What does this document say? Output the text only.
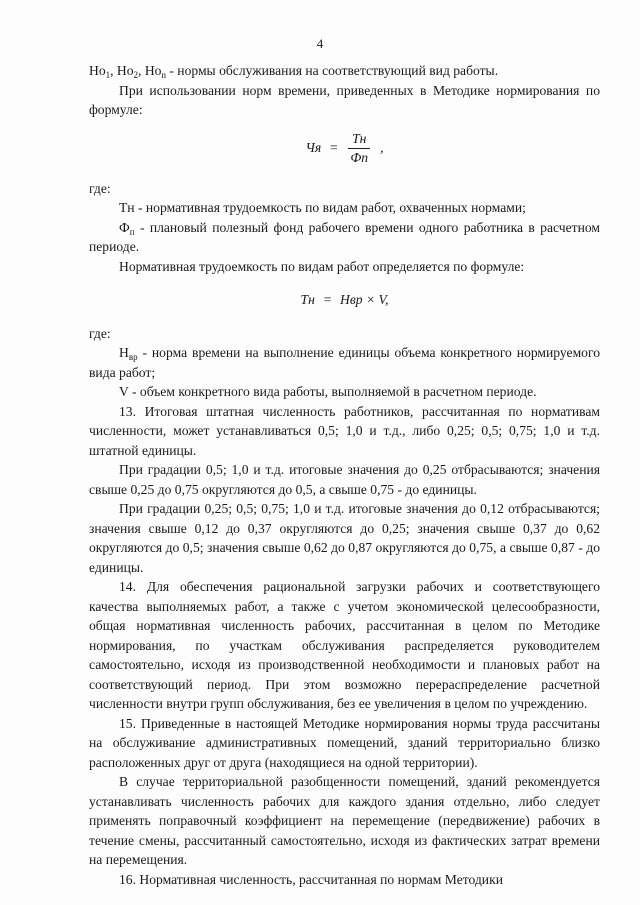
4

$Но_1$, $Но_2$, $Но_n$ - нормы обслуживания на соответствующий вид работы.

При использовании норм времени, приведенных в Методике нормирования по формуле:

Чя = $\frac{Тн}{Фп}$ ,

где:

Тн - нормативная трудоемкость по видам работ, охваченных нормами;

$Ф_п$ - плановый полезный фонд рабочего времени одного работника в расчетном периоде.

Нормативная трудоемкость по видам работ определяется по формуле:

Тн = Нвр × V,

где:

$Н_{вр}$ - норма времени на выполнение единицы объема конкретного нормируемого вида работ;

V - объем конкретного вида работы, выполняемой в расчетном периоде.

13. Итоговая штатная численность работников, рассчитанная по нормативам численности, может устанавливаться 0,5; 1,0 и т.д., либо 0,25; 0,5; 0,75; 1,0 и т.д. штатной единицы.

При градации 0,5; 1,0 и т.д. итоговые значения до 0,25 отбрасываются; значения свыше 0,25 до 0,75 округляются до 0,5, а свыше 0,75 - до единицы.

При градации 0,25; 0,5; 0,75; 1,0 и т.д. итоговые значения до 0,12 отбрасываются; значения свыше 0,12 до 0,37 округляются до 0,25; значения свыше 0,37 до 0,62 округляются до 0,5; значения свыше 0,62 до 0,87 округляются до 0,75, а свыше 0,87 - до единицы.

14. Для обеспечения рациональной загрузки рабочих и соответствующего качества выполняемых работ, а также с учетом экономической целесообразности, общая нормативная численность рабочих, рассчитанная в целом по Методике нормирования, по участкам обслуживания распределяется руководителем самостоятельно, исходя из производственной необходимости и плановых работ на соответствующий период. При этом возможно перераспределение расчетной численности внутри групп обслуживания, без ее увеличения в целом по учреждению.

15. Приведенные в настоящей Методике нормирования нормы труда рассчитаны на обслуживание административных помещений, зданий территориально близко расположенных друг от друга (находящиеся на одной территории).

В случае территориальной разобщенности помещений, зданий рекомендуется устанавливать численность рабочих для каждого здания отдельно, либо следует применять поправочный коэффициент на перемещение (передвижение) рабочих в течение смены, рассчитанный самостоятельно, исходя из фактических затрат времени на перемещения.

16. Нормативная численность, рассчитанная по нормам Методики
